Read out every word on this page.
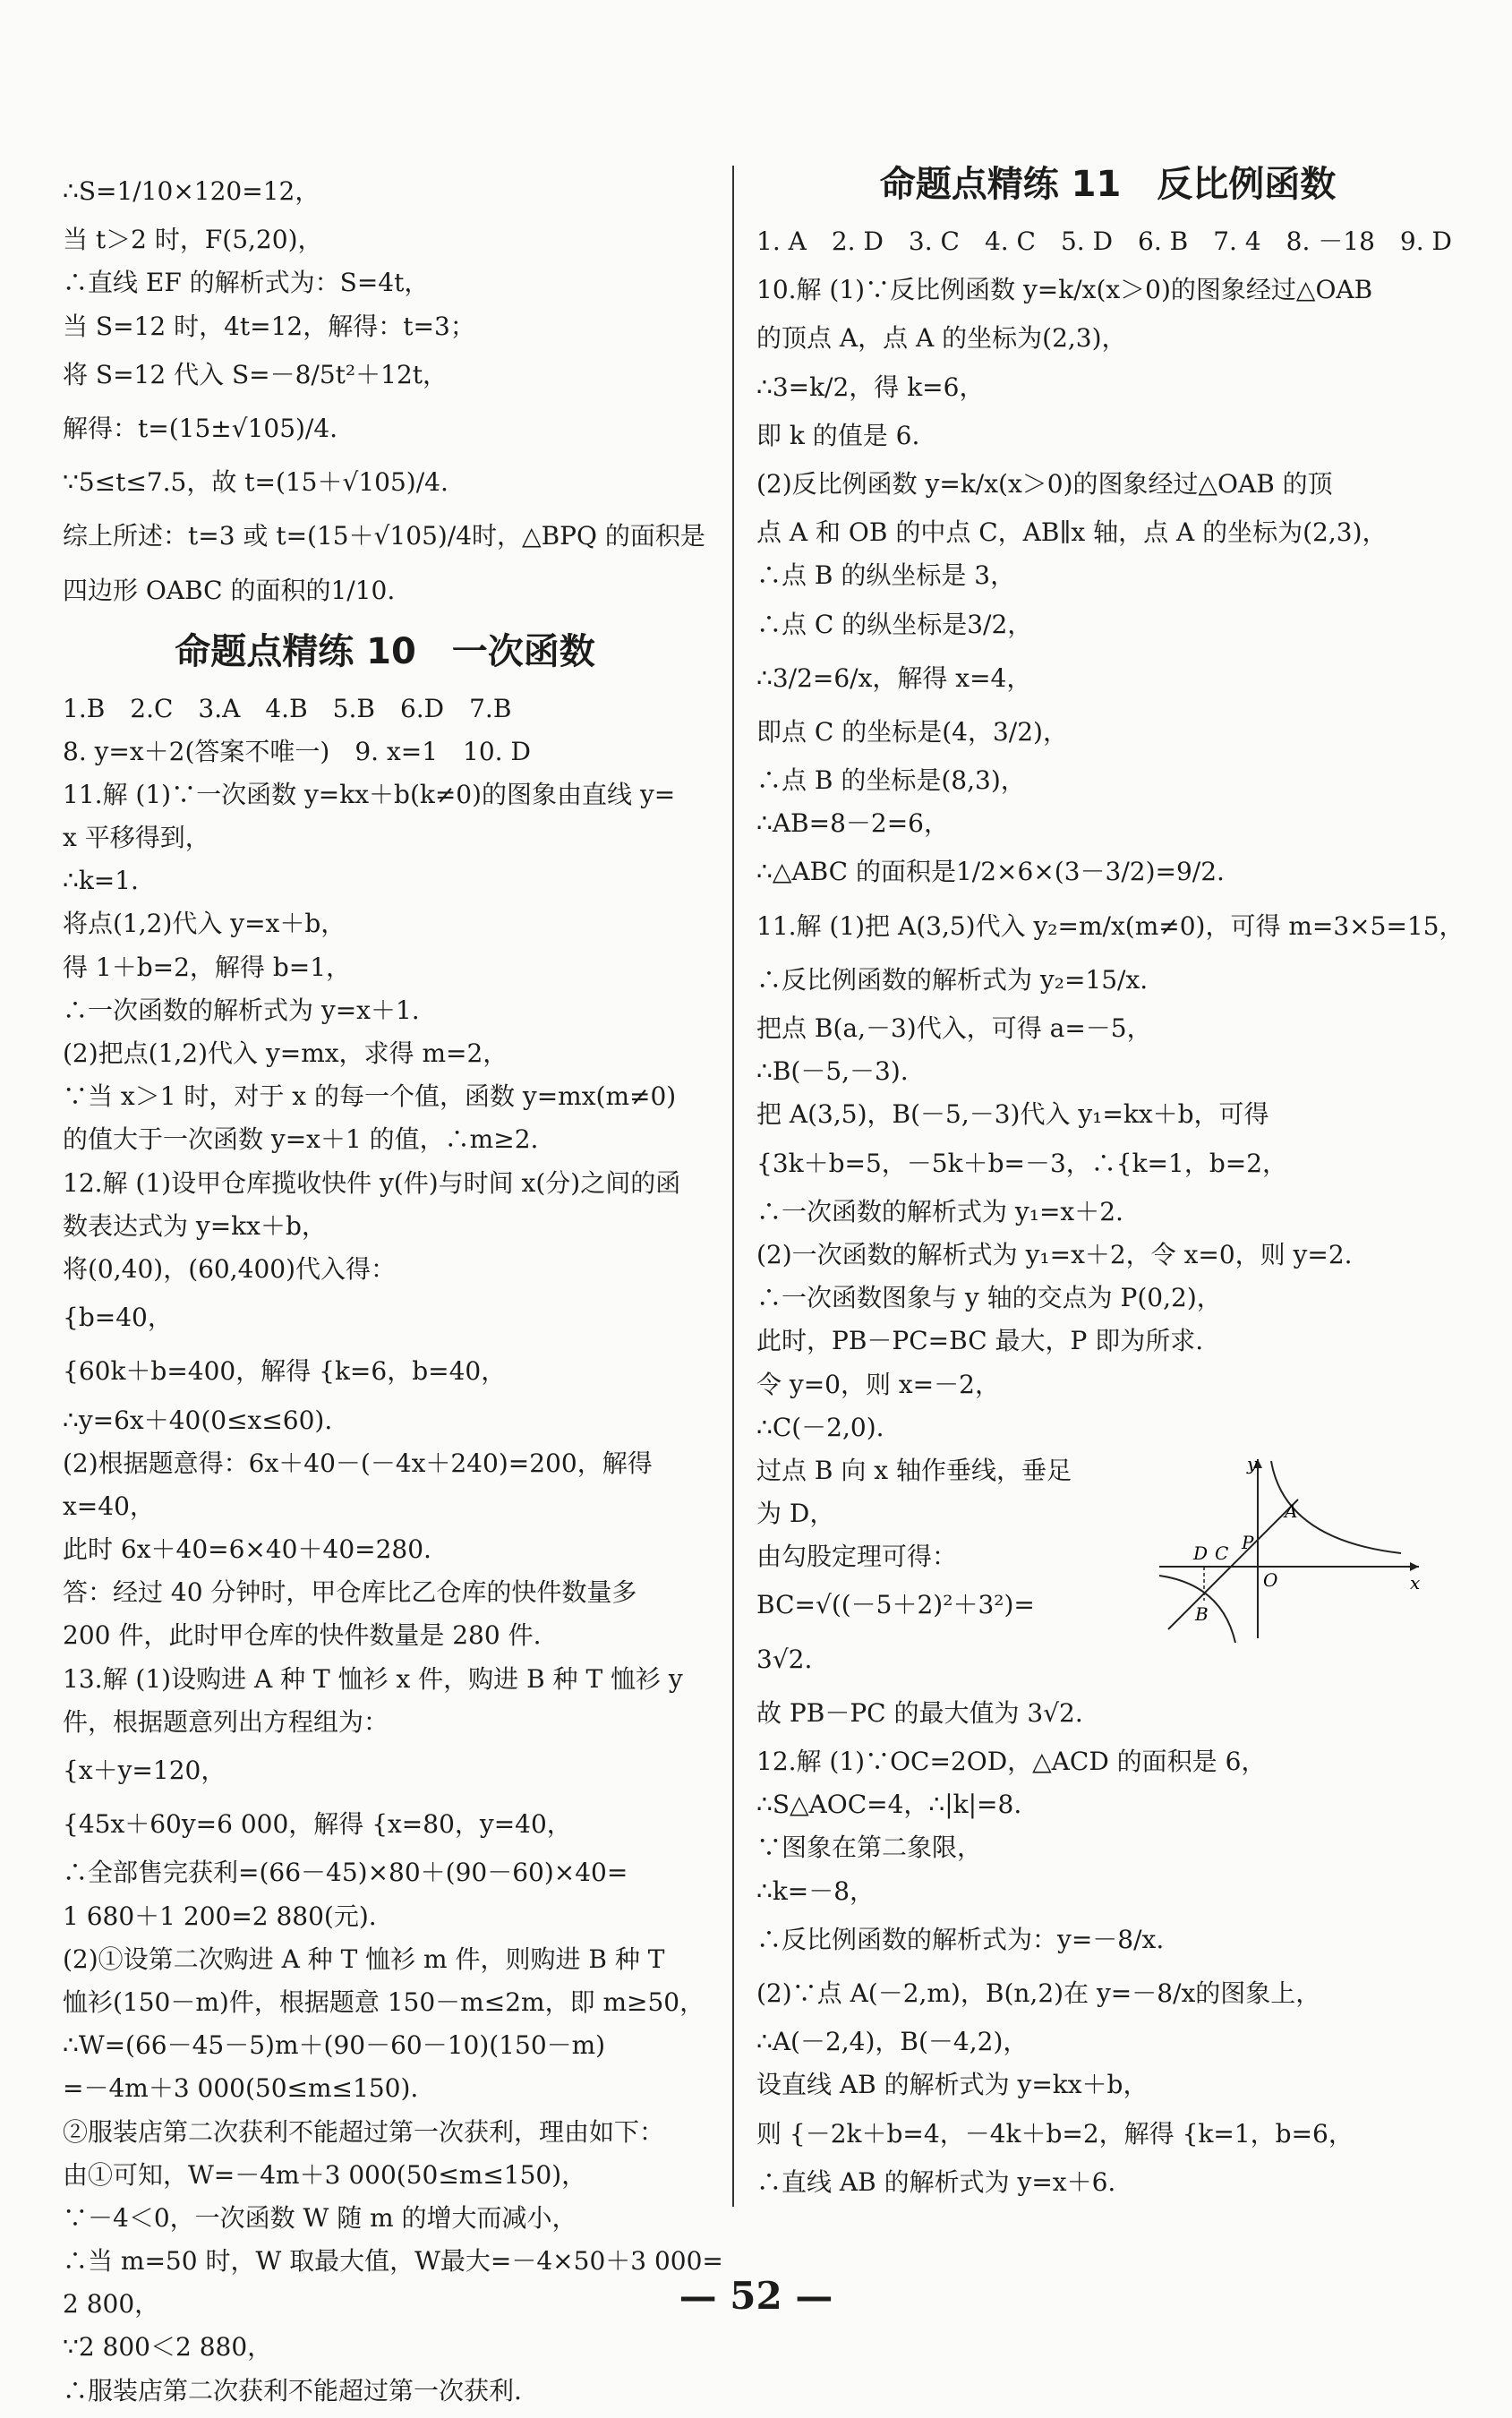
∴S=1/10×120=12，
当 t＞2 时，F(5,20)，
∴直线 EF 的解析式为：S=4t，
当 S=12 时，4t=12，解得：t=3；
将 S=12 代入 S=－8/5t²＋12t，
解得：t=(15±√105)/4.
∵5≤t≤7.5，故 t=(15＋√105)/4.
综上所述：t=3 或 t=(15＋√105)/4时，△BPQ 的面积是
四边形 OABC 的面积的1/10.
命题点精练 10　一次函数
1.B　2.C　3.A　4.B　5.B　6.D　7.B
8. y=x＋2(答案不唯一)　9. x=1　10. D
11.解 (1)∵一次函数 y=kx＋b(k≠0)的图象由直线 y=
x 平移得到，
∴k=1.
将点(1,2)代入 y=x＋b，
得 1＋b=2，解得 b=1，
∴一次函数的解析式为 y=x＋1.
(2)把点(1,2)代入 y=mx，求得 m=2，
∵当 x＞1 时，对于 x 的每一个值，函数 y=mx(m≠0)
的值大于一次函数 y=x＋1 的值，∴m≥2.
12.解 (1)设甲仓库揽收快件 y(件)与时间 x(分)之间的函
数表达式为 y=kx＋b，
将(0,40)，(60,400)代入得：
{b=40，
{60k＋b=400，解得 {k=6，b=40，
∴y=6x＋40(0≤x≤60).
(2)根据题意得：6x＋40－(－4x＋240)=200，解得
x=40，
此时 6x＋40=6×40＋40=280.
答：经过 40 分钟时，甲仓库比乙仓库的快件数量多
200 件，此时甲仓库的快件数量是 280 件.
13.解 (1)设购进 A 种 T 恤衫 x 件，购进 B 种 T 恤衫 y
件，根据题意列出方程组为：
{x＋y=120，
{45x＋60y=6 000，解得 {x=80，y=40，
∴全部售完获利=(66－45)×80＋(90－60)×40=
1 680＋1 200=2 880(元).
(2)①设第二次购进 A 种 T 恤衫 m 件，则购进 B 种 T
恤衫(150－m)件，根据题意 150－m≤2m，即 m≥50，
∴W=(66－45－5)m＋(90－60－10)(150－m)
=－4m＋3 000(50≤m≤150).
②服装店第二次获利不能超过第一次获利，理由如下：
由①可知，W=－4m＋3 000(50≤m≤150)，
∵－4＜0，一次函数 W 随 m 的增大而减小，
∴当 m=50 时，W 取最大值，W最大=－4×50＋3 000=
2 800，
∵2 800＜2 880，
∴服装店第二次获利不能超过第一次获利.
命题点精练 11　反比例函数
1. A　2. D　3. C　4. C　5. D　6. B　7. 4　8. －18　9. D
10.解 (1)∵反比例函数 y=k/x(x＞0)的图象经过△OAB
的顶点 A，点 A 的坐标为(2,3)，
∴3=k/2，得 k=6，
即 k 的值是 6.
(2)反比例函数 y=k/x(x＞0)的图象经过△OAB 的顶
点 A 和 OB 的中点 C，AB∥x 轴，点 A 的坐标为(2,3)，
∴点 B 的纵坐标是 3，
∴点 C 的纵坐标是3/2，
∴3/2=6/x，解得 x=4，
即点 C 的坐标是(4，3/2)，
∴点 B 的坐标是(8,3)，
∴AB=8－2=6，
∴△ABC 的面积是1/2×6×(3－3/2)=9/2.
11.解 (1)把 A(3,5)代入 y₂=m/x(m≠0)，可得 m=3×5=15，
∴反比例函数的解析式为 y₂=15/x.
把点 B(a,－3)代入，可得 a=－5，
∴B(－5,－3).
把 A(3,5)，B(－5,－3)代入 y₁=kx＋b，可得
{3k＋b=5，－5k＋b=－3，∴{k=1，b=2，
∴一次函数的解析式为 y₁=x＋2.
(2)一次函数的解析式为 y₁=x＋2，令 x=0，则 y=2.
∴一次函数图象与 y 轴的交点为 P(0,2)，
此时，PB－PC=BC 最大，P 即为所求.
令 y=0，则 x=－2，
∴C(－2,0).
过点 B 向 x 轴作垂线，垂足
为 D，
由勾股定理可得：
BC=√((－5＋2)²＋3²)=
3√2.
故 PB－PC 的最大值为 3√2.
12.解 (1)∵OC=2OD，△ACD 的面积是 6，
∴S△AOC=4，∴|k|=8.
∵图象在第二象限，
∴k=－8，
∴反比例函数的解析式为：y=－8/x.
(2)∵点 A(－2,m)，B(n,2)在 y=－8/x的图象上，
∴A(－2,4)，B(－4,2)，
设直线 AB 的解析式为 y=kx＋b，
则 {－2k＋b=4，－4k＋b=2，解得 {k=1，b=6，
∴直线 AB 的解析式为 y=x＋6.
y
A
P
D C
O	x
B
— 52 —
